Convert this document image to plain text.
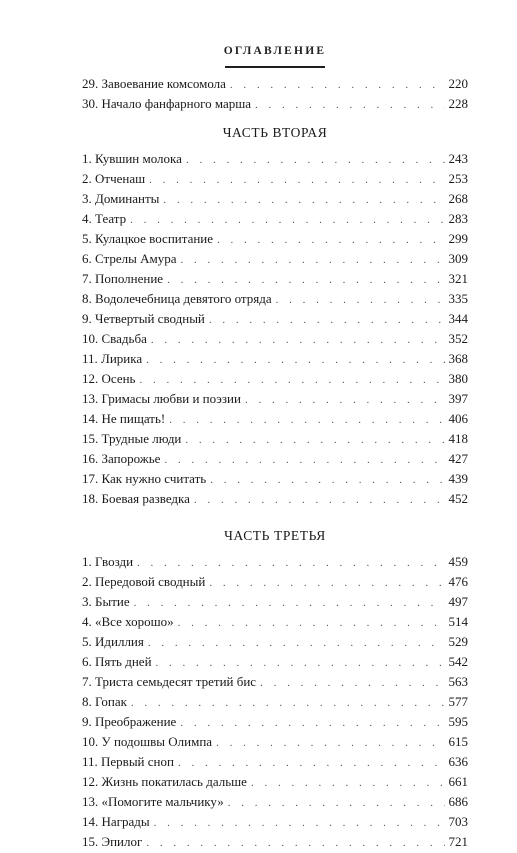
ОГЛАВЛЕНИЕ
29. Завоевание комсомола . . .	220
30. Начало фанфарного марша . . .	228
ЧАСТЬ ВТОРАЯ
1. Кувшин молока . . .	243
2. Отченаш . . .	253
3. Доминанты . . .	268
4. Театр . . .	283
5. Кулацкое воспитание . . .	299
6. Стрелы Амура . . .	309
7. Пополнение . . .	321
8. Водолечебница девятого отряда . . .	335
9. Четвертый сводный . . .	344
10. Свадьба . . .	352
11. Лирика . . .	368
12. Осень . . .	380
13. Гримасы любви и поэзии . . .	397
14. Не пищать! . . .	406
15. Трудные люди . . .	418
16. Запорожье . . .	427
17. Как нужно считать . . .	439
18. Боевая разведка . . .	452
ЧАСТЬ ТРЕТЬЯ
1. Гвозди . . .	459
2. Передовой сводный . . .	476
3. Бытие . . .	497
4. «Все хорошо» . . .	514
5. Идиллия . . .	529
6. Пять дней . . .	542
7. Триста семьдесят третий бис . . .	563
8. Гопак . . .	577
9. Преображение . . .	595
10. У подошвы Олимпа . . .	615
11. Первый сноп . . .	636
12. Жизнь покатилась дальше . . .	661
13. «Помогите мальчику» . . .	686
14. Награды . . .	703
15. Эпилог . . .	721
